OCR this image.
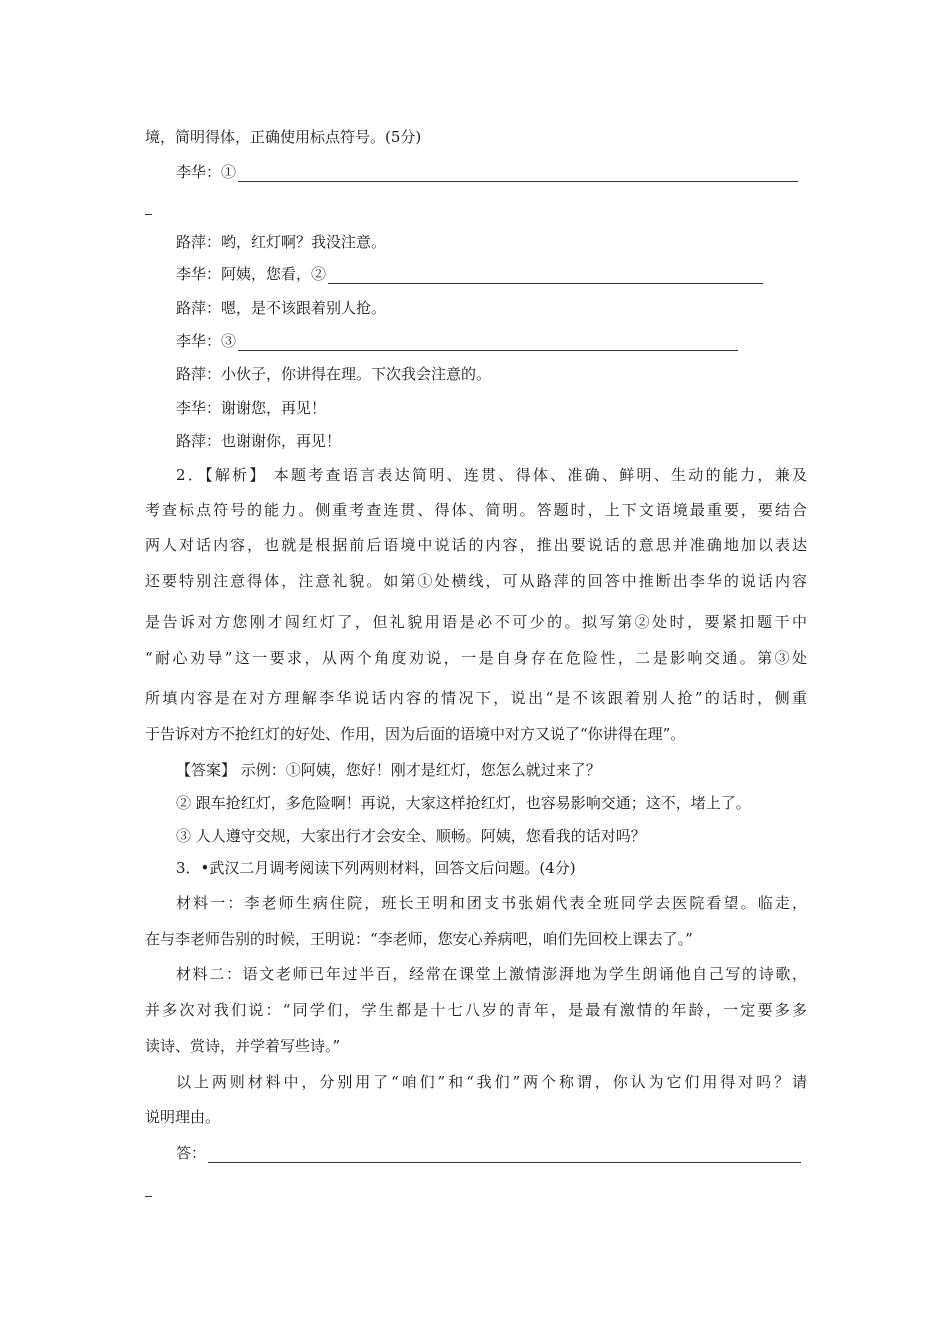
境，简明得体，正确使用标点符号。(5分)
李华：①
路萍：哟，红灯啊？我没注意。
李华：阿姨，您看，②
路萍：嗯，是不该跟着别人抢。
李华：③
路萍：小伙子，你讲得在理。下次我会注意的。
李华：谢谢您，再见！
路萍：也谢谢你，再见！
2．【解析】 本题考查语言表达简明、连贯、得体、准确、鲜明、生动的能力，兼及
考查标点符号的能力。侧重考查连贯、得体、简明。答题时，上下文语境最重要，要结合
两人对话内容，也就是根据前后语境中说话的内容，推出要说话的意思并准确地加以表达
还要特别注意得体，注意礼貌。如第①处横线，可从路萍的回答中推断出李华的说话内容
是告诉对方您刚才闯红灯了，但礼貌用语是必不可少的。拟写第②处时，要紧扣题干中
“耐心劝导”这一要求，从两个角度劝说，一是自身存在危险性，二是影响交通。第③处
所填内容是在对方理解李华说话内容的情况下，说出“是不该跟着别人抢”的话时，侧重
于告诉对方不抢红灯的好处、作用，因为后面的语境中对方又说了“你讲得在理”。
【答案】 示例：①阿姨，您好！刚才是红灯，您怎么就过来了？
② 跟车抢红灯，多危险啊！再说，大家这样抢红灯，也容易影响交通；这不，堵上了。
③ 人人遵守交规，大家出行才会安全、顺畅。阿姨，您看我的话对吗？
3．•武汉二月调考阅读下列两则材料，回答文后问题。(4分)
材料一：李老师生病住院，班长王明和团支书张娟代表全班同学去医院看望。临走，
在与李老师告别的时候，王明说：“李老师，您安心养病吧，咱们先回校上课去了。”
材料二：语文老师已年过半百，经常在课堂上激情澎湃地为学生朗诵他自己写的诗歌，
并多次对我们说：“同学们，学生都是十七八岁的青年，是最有激情的年龄，一定要多多
读诗、赏诗，并学着写些诗。”
以上两则材料中，分别用了“咱们”和“我们”两个称谓，你认为它们用得对吗？请
说明理由。
答：
